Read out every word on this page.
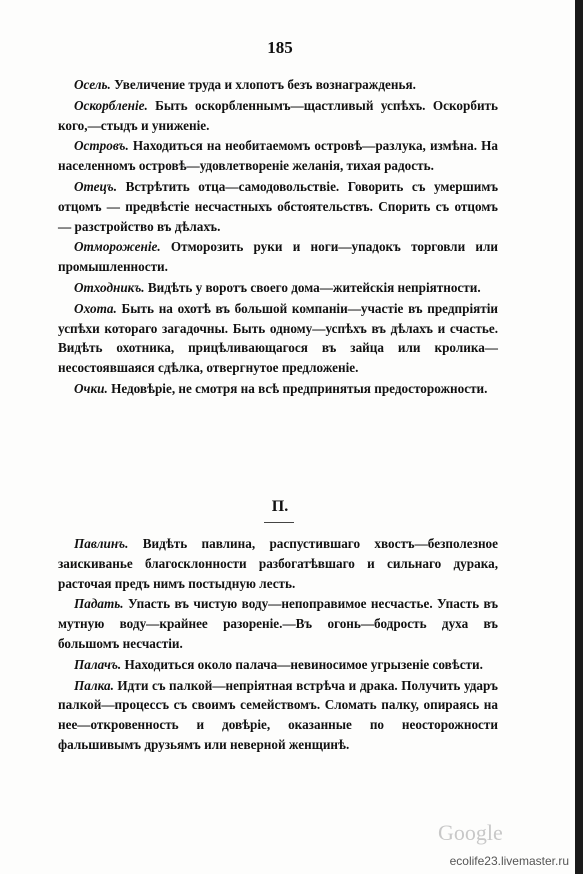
185

Осель. Увеличение труда и хлопотъ безъ вознагражденья.

Оскорбленіе. Быть оскорбленнымъ—щастливый успѣхъ. Оскорбить кого,—стыдъ и униженіе.

Островъ. Находиться на необитаемомъ островѣ—разлука, измѣна. На населенномъ островѣ—удовлетвореніе желанія, тихая радость.

Отецъ. Встрѣтить отца—самодовольствіе. Говорить съ умершимъ отцомъ — предвѣстіе несчастныхъ обстоятельствъ. Спорить съ отцомъ — разстройство въ дѣлахъ.

Отмороженіе. Отморозить руки и ноги—упадокъ торговли или промышленности.

Отходникъ. Видѣть у воротъ своего дома—житейскія непріятности.

Охота. Быть на охотѣ въ большой компаніи—участіе въ предпріятіи успѣхи котораго загадочны. Быть одному—успѣхъ въ дѣлахъ и счастье. Видѣть охотника, прицѣливающагося въ зайца или кролика—несостоявшаяся сдѣлка, отвергнутое предложеніе.

Очки. Недовѣріе, не смотря на всѣ предпринятыя предосторожности.

П.

Павлинъ. Видѣть павлина, распустившаго хвостъ—безполезное заискиванье благосклонности разбогатѣвшаго и сильнаго дурака, расточая предъ нимъ постыдную лесть.

Падать. Упасть въ чистую воду—непоправимое несчастье. Упасть въ мутную воду—крайнее разореніе.—Въ огонь—бодрость духа въ большомъ несчастіи.

Палачъ. Находиться около палача—невиносимое угрызеніе совѣсти.

Палка. Идти съ палкой—непріятная встрѣча и драка. Получить ударъ палкой—процессъ съ своимъ семействомъ. Сломать палку, опираясь на нее—откровенность и довѣріе, оказанные по неосторожности фальшивымъ друзьямъ или неверной женщинѣ.

Google
ecolife23.livemaster.ru
